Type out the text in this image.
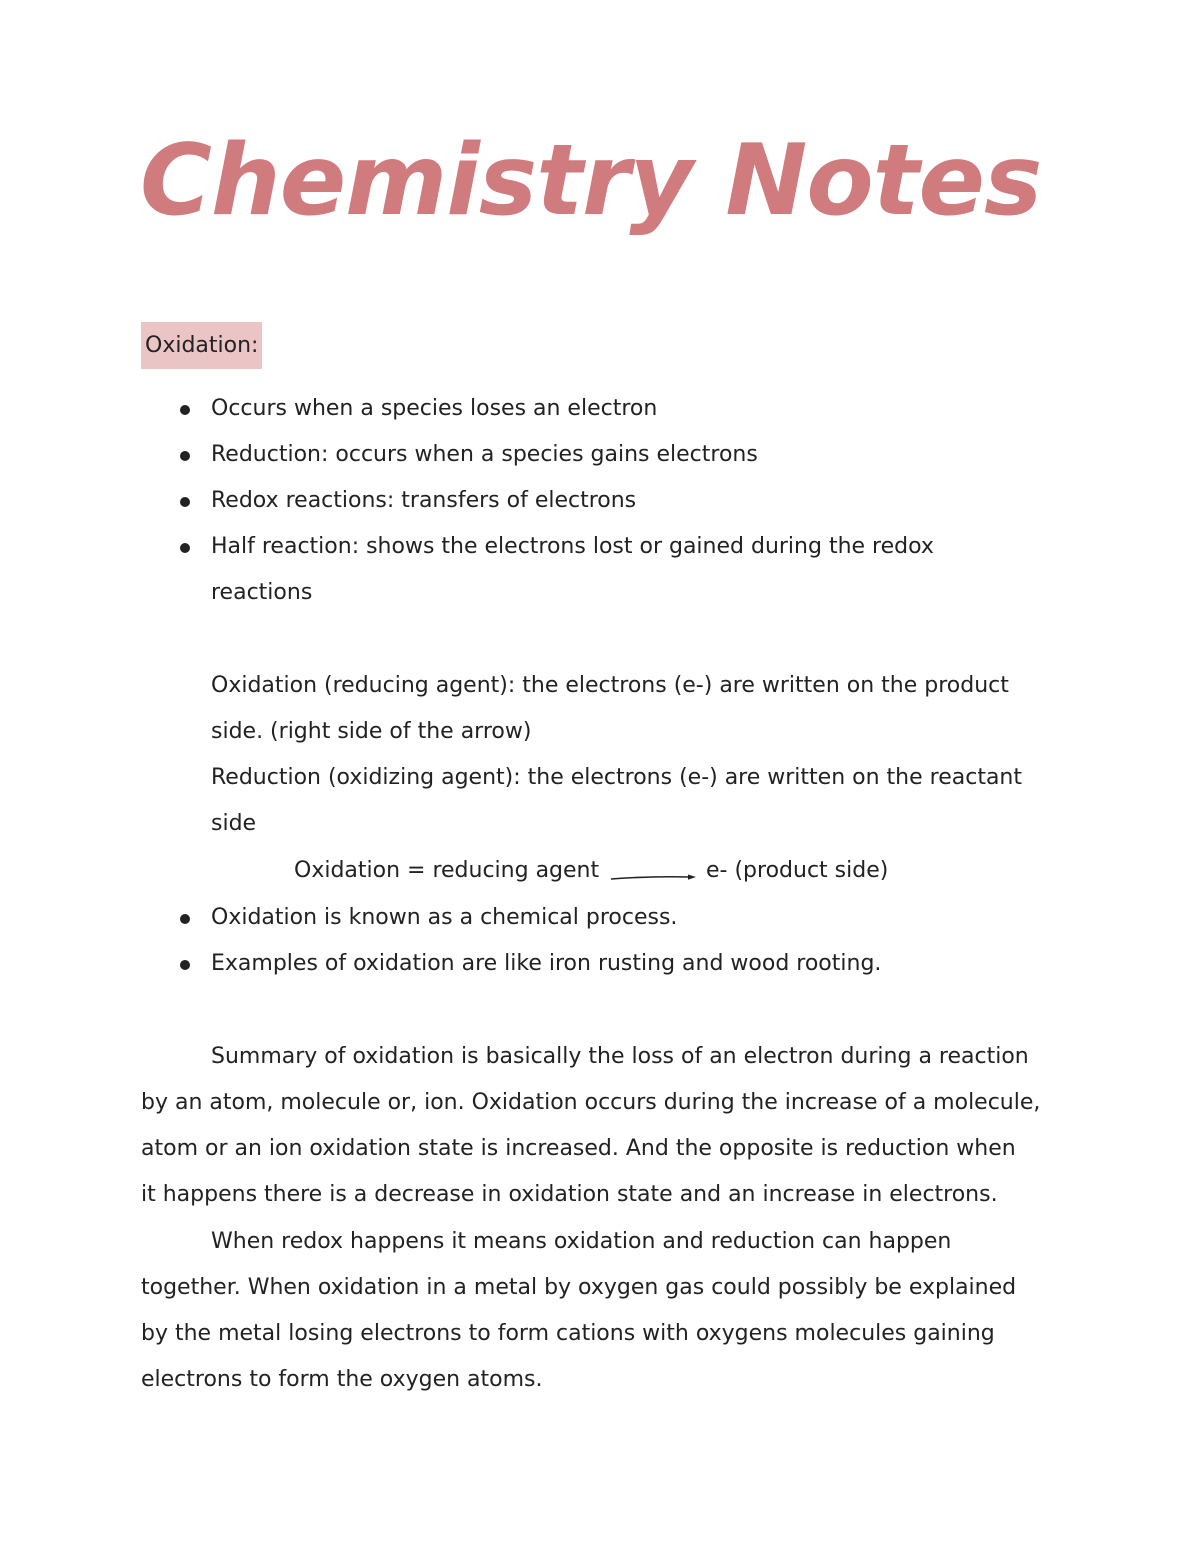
Chemistry Notes
Oxidation:
Occurs when a species loses an electron
Reduction: occurs when a species gains electrons
Redox reactions: transfers of electrons
Half reaction: shows the electrons lost or gained during the redox
reactions
Oxidation (reducing agent): the electrons (e-) are written on the product
side. (right side of the arrow)
Reduction (oxidizing agent): the electrons (e-) are written on the reactant
side
Oxidation = reducing agent	e- (product side)
Oxidation is known as a chemical process.
Examples of oxidation are like iron rusting and wood rooting.
Summary of oxidation is basically the loss of an electron during a reaction
by an atom, molecule or, ion. Oxidation occurs during the increase of a molecule,
atom or an ion oxidation state is increased. And the opposite is reduction when
it happens there is a decrease in oxidation state and an increase in electrons.
When redox happens it means oxidation and reduction can happen
together. When oxidation in a metal by oxygen gas could possibly be explained
by the metal losing electrons to form cations with oxygens molecules gaining
electrons to form the oxygen atoms.
